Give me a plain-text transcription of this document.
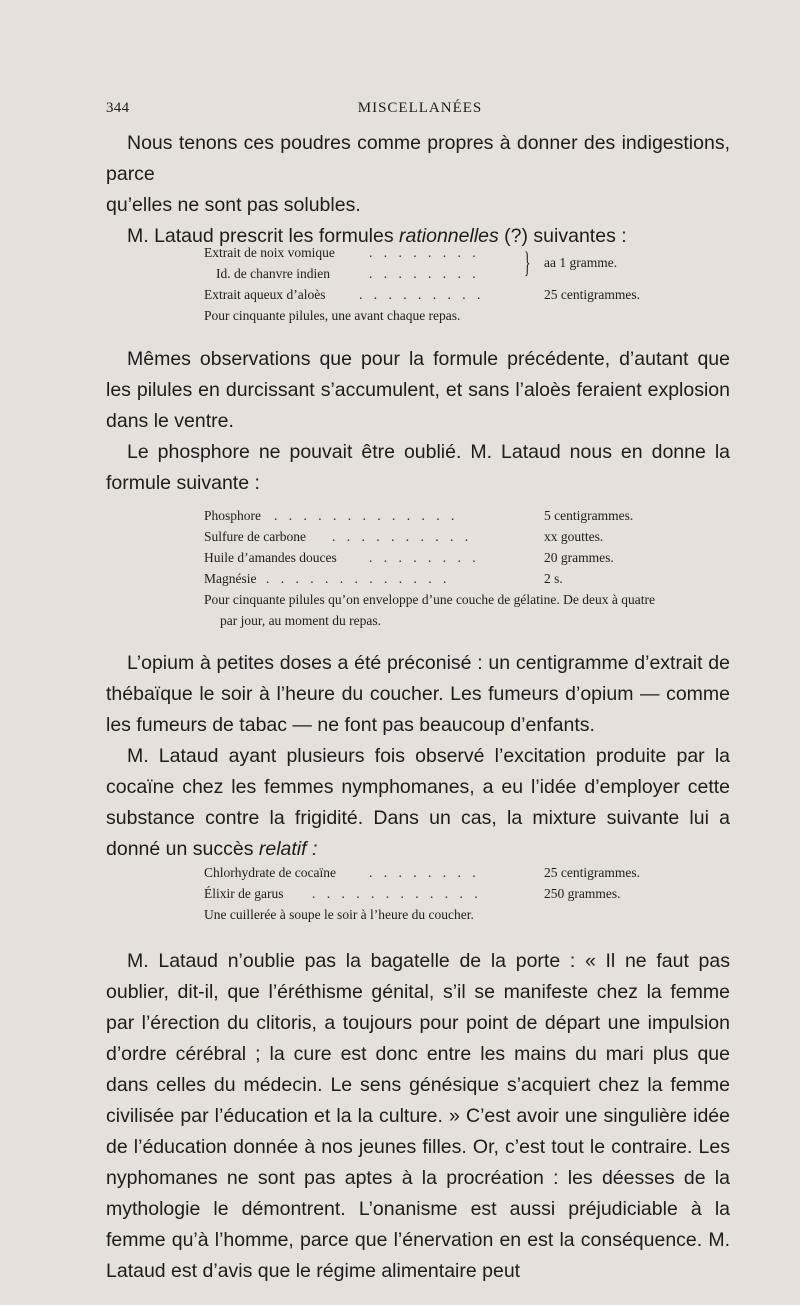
344	MISCELLANÉES
Nous tenons ces poudres comme propres à donner des indigestions, parce
qu’elles ne sont pas solubles.
M. Lataud prescrit les formules rationnelles (?) suivantes :
Extrait de noix vomique	. . . . . . . . } aa 1 gramme.
Id. de chanvre indien	. . . . . . . .
Extrait aqueux d’aloès . . . . . . . . .	25 centigrammes.
Pour cinquante pilules, une avant chaque repas.
Mêmes observations que pour la formule précédente, d’autant que les pilules en durcissant s’accumulent, et sans l’aloès feraient explosion dans le ventre.
Le phosphore ne pouvait être oublié. M. Lataud nous en donne la formule suivante :
Phosphore . . . . . . . . . . . . .	5 centigrammes.
Sulfure de carbone . . . . . . . . . .	xx gouttes.
Huile d’amandes douces . . . . . . . .	20 grammes.
Magnésie . . . . . . . . . . . . .	2 s.
Pour cinquante pilules qu’on enveloppe d’une couche de gélatine. De deux à quatre
par jour, au moment du repas.
L’opium à petites doses a été préconisé : un centigramme d’extrait de thébaïque le soir à l’heure du coucher. Les fumeurs d’opium — comme les fumeurs de tabac — ne font pas beaucoup d’enfants.
M. Lataud ayant plusieurs fois observé l’excitation produite par la cocaïne chez les femmes nymphomanes, a eu l’idée d’employer cette substance contre la frigidité. Dans un cas, la mixture suivante lui a donné un succès relatif :
Chlorhydrate de cocaïne . . . . . . . .	25 centigrammes.
Élixir de garus . . . . . . . . . . . .	250 grammes.
Une cuillerée à soupe le soir à l’heure du coucher.
M. Lataud n’oublie pas la bagatelle de la porte : « Il ne faut pas oublier, dit-il, que l’éréthisme génital, s’il se manifeste chez la femme par l’érection du clitoris, a toujours pour point de départ une impulsion d’ordre cérébral ; la cure est donc entre les mains du mari plus que dans celles du médecin. Le sens génésique s’acquiert chez la femme civilisée par l’éducation et la la culture. » C’est avoir une singulière idée de l’éducation donnée à nos jeunes filles. Or, c’est tout le contraire. Les nyphomanes ne sont pas aptes à la procréation : les déesses de la mythologie le démontrent. L’onanisme est aussi préjudiciable à la femme qu’à l’homme, parce que l’énervation en est la conséquence. M. Lataud est d’avis que le régime alimentaire peut
